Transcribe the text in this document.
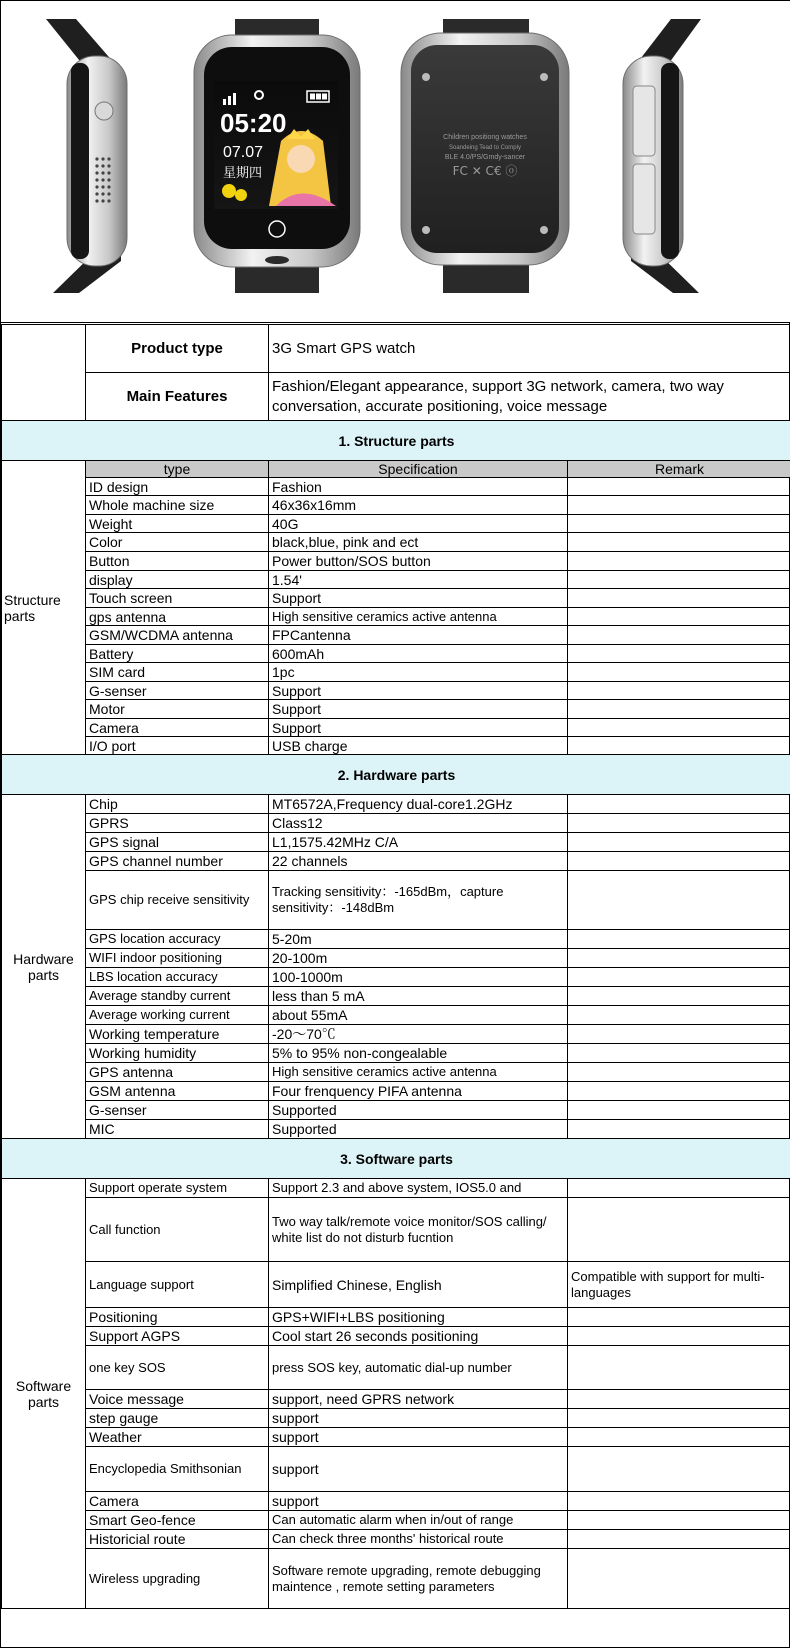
05:20
07.07
星期四
Children positiong watches
Soandeing Tead to Comply
BLE 4.0/PS/Gmdy-sancer
FC ✕ C€ ⓞ
	Product type	3G Smart GPS watch	
	Main Features	Fashion/Elegant appearance, support 3G network, camera, two way conversation, accurate positioning, voice message	
1. Structure parts			
Structure parts	type	Specification	Remark
	ID design	Fashion	
	Whole machine size	46x36x16mm	
	Weight	40G	
	Color	black,blue, pink and ect	
	Button	Power button/SOS button	
	display	1.54'	
	Touch screen	Support	
	gps antenna	High sensitive ceramics active antenna	
	GSM/WCDMA antenna	FPCantenna	
	Battery	600mAh	
	SIM card	1pc	
	G-senser	Support	
	Motor	Support	
	Camera	Support	
	I/O port	USB charge	
2. Hardware parts			
Hardware parts	Chip	MT6572A,Frequency dual-core1.2GHz	
	GPRS	Class12	
	GPS signal	L1,1575.42MHz C/A	
	GPS channel number	22 channels	
	GPS chip receive sensitivity	Tracking sensitivity：-165dBm，capture sensitivity：-148dBm	
	GPS location accuracy	5-20m	
	WIFI indoor positioning	20-100m	
	LBS location accuracy	100-1000m	
	Average standby current	less than 5 mA	
	Average working current	about 55mA	
	Working temperature	-20～70℃	
	Working humidity	5% to 95% non-congealable	
	GPS antenna	High sensitive ceramics active antenna	
	GSM antenna	Four frenquency PIFA antenna	
	G-senser	Supported	
	MIC	Supported	
3. Software parts			
Software parts	Support operate system	Support 2.3 and above system, IOS5.0 and	
	Call function	Two way talk/remote voice monitor/SOS calling/ white list do not disturb fucntion	
	Language support	Simplified Chinese, English	Compatible with support for multi-languages
	Positioning	GPS+WIFI+LBS positioning	
	Support AGPS	Cool start 26 seconds positioning	
	one key SOS	press SOS key, automatic dial-up number	
	Voice message	support, need GPRS network	
	step gauge	support	
	Weather	support	
	Encyclopedia Smithsonian	support	
	Camera	support	
	Smart Geo-fence	Can automatic alarm when in/out of range	
	Historicial route	Can check three months' historical route	
	Wireless upgrading	Software remote upgrading, remote debugging maintence , remote setting parameters	
